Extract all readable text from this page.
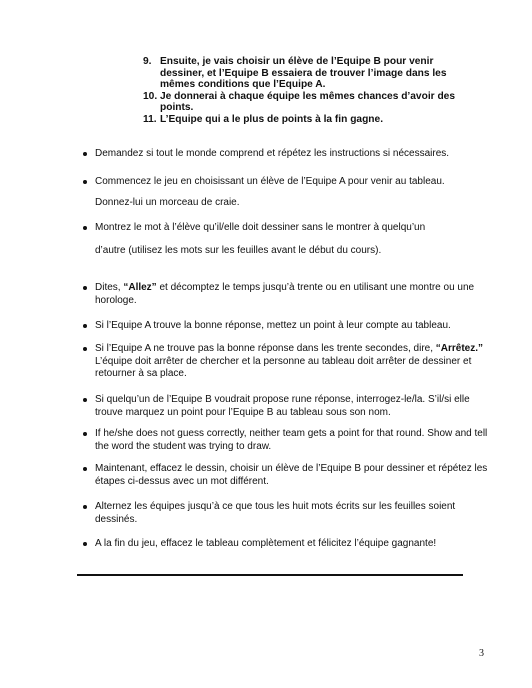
9. Ensuite, je vais choisir un élève de l’Equipe B pour venir dessiner, et l’Equipe B essaiera de trouver l’image dans les mêmes conditions que l’Equipe A.
10. Je donnerai à chaque équipe les mêmes chances d’avoir des points.
11. L’Equipe qui a le plus de points à la fin gagne.
Demandez si tout le monde comprend et répétez les instructions si nécessaires.
Commencez le jeu en choisissant un élève de l’Equipe A pour venir au tableau.
Donnez-lui un morceau de craie.
Montrez le mot à l’élève qu’il/elle doit dessiner sans le montrer à quelqu’un
d’autre (utilisez les mots sur les feuilles avant le début du cours).
Dites, “Allez” et décomptez le temps jusqu’à trente ou en utilisant une montre ou une horologe.
Si l’Equipe A trouve la bonne réponse, mettez un point à leur compte au tableau.
Si l’Equipe A ne trouve pas la bonne réponse dans les trente secondes, dire, “Arrêtez.” L’équipe doit arrêter de chercher et la personne au tableau doit arrêter de dessiner et retourner à sa place.
Si quelqu’un de l’Equipe B voudrait propose rune réponse, interrogez-le/la. S’il/si elle trouve marquez un point pour l’Equipe B au tableau sous son nom.
If he/she does not guess correctly, neither team gets a point for that round. Show and tell the word the student was trying to draw.
Maintenant, effacez le dessin, choisir un élève de l’Equipe B pour dessiner et répétez les étapes ci-dessus avec un mot différent.
Alternez les équipes jusqu’à ce que tous les huit mots écrits sur les feuilles soient dessinés.
A la fin du jeu, effacez le tableau complètement et félicitez l’équipe gagnante!
3
